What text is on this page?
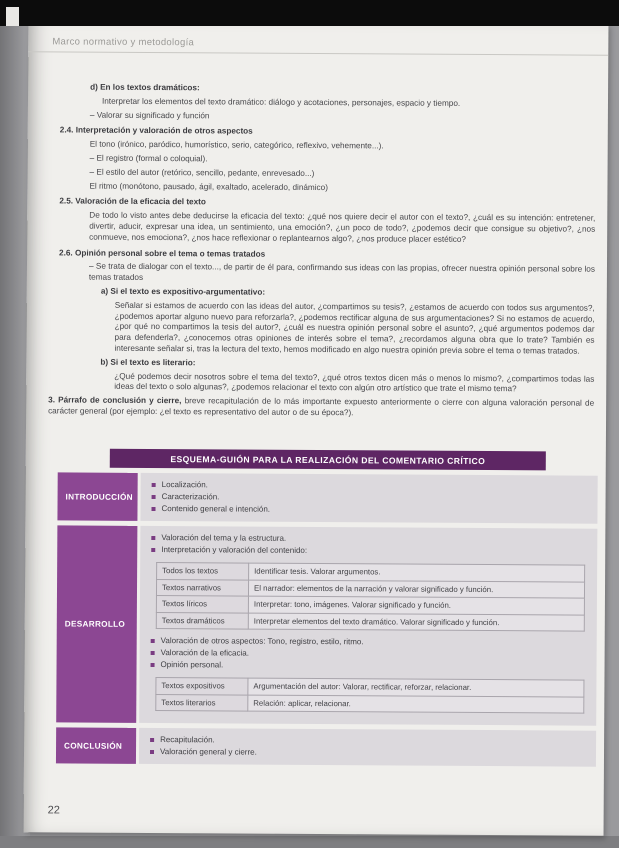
Marco normativo y metodología

d) En los textos dramáticos:

Interpretar los elementos del texto dramático: diálogo y acotaciones, personajes, espacio y tiempo.

– Valorar su significado y función

2.4. Interpretación y valoración de otros aspectos

El tono (irónico, paródico, humorístico, serio, categórico, reflexivo, vehemente...).

– El registro (formal o coloquial).

– El estilo del autor (retórico, sencillo, pedante, enrevesado...)

El ritmo (monótono, pausado, ágil, exaltado, acelerado, dinámico)

2.5. Valoración de la eficacia del texto

De todo lo visto antes debe deducirse la eficacia del texto: ¿qué nos quiere decir el autor con el texto?, ¿cuál es su intención: entretener, divertir, aducir, expresar una idea, un sentimiento, una emoción?, ¿un poco de todo?, ¿podemos decir que consigue su objetivo?, ¿nos conmueve, nos emociona?, ¿nos hace reflexionar o replantearnos algo?, ¿nos produce placer estético?

2.6. Opinión personal sobre el tema o temas tratados

– Se trata de dialogar con el texto..., de partir de él para, confirmando sus ideas con las propias, ofrecer nuestra opinión personal sobre los temas tratados

a) Si el texto es expositivo-argumentativo:

Señalar si estamos de acuerdo con las ideas del autor, ¿compartimos su tesis?, ¿estamos de acuerdo con todos sus argumentos?, ¿podemos aportar alguno nuevo para reforzarla?, ¿podemos rectificar alguna de sus argumentaciones? Si no estamos de acuerdo, ¿por qué no compartimos la tesis del autor?, ¿cuál es nuestra opinión personal sobre el asunto?, ¿qué argumentos podemos dar para defenderla?, ¿conocemos otras opiniones de interés sobre el tema?, ¿recordamos alguna obra que lo trate? También es interesante señalar si, tras la lectura del texto, hemos modificado en algo nuestra opinión previa sobre el tema o temas tratados.

b) Si el texto es literario:

¿Qué podemos decir nosotros sobre el tema del texto?, ¿qué otros textos dicen más o menos lo mismo?, ¿compartimos todas las ideas del texto o solo algunas?, ¿podemos relacionar el texto con algún otro artístico que trate el mismo tema?

3. Párrafo de conclusión y cierre, breve recapitulación de lo más importante expuesto anteriormente o cierre con alguna valoración personal de carácter general (por ejemplo: ¿el texto es representativo del autor o de su época?).

ESQUEMA-GUIÓN PARA LA REALIZACIÓN DEL COMENTARIO CRÍTICO
INTRODUCCIÓN
Localización.
Caracterización.
Contenido general e intención.
DESARROLLO
Valoración del tema y la estructura.
Interpretación y valoración del contenido:
Todos los textos	Identificar tesis. Valorar argumentos.
Textos narrativos	El narrador: elementos de la narración y valorar significado y función.
Textos líricos	Interpretar: tono, imágenes. Valorar significado y función.
Textos dramáticos	Interpretar elementos del texto dramático. Valorar significado y función.
Valoración de otros aspectos: Tono, registro, estilo, ritmo.
Valoración de la eficacia.
Opinión personal.
Textos expositivos	Argumentación del autor: Valorar, rectificar, reforzar, relacionar.
Textos literarios	Relación: aplicar, relacionar.
CONCLUSIÓN
Recapitulación.
Valoración general y cierre.
22
